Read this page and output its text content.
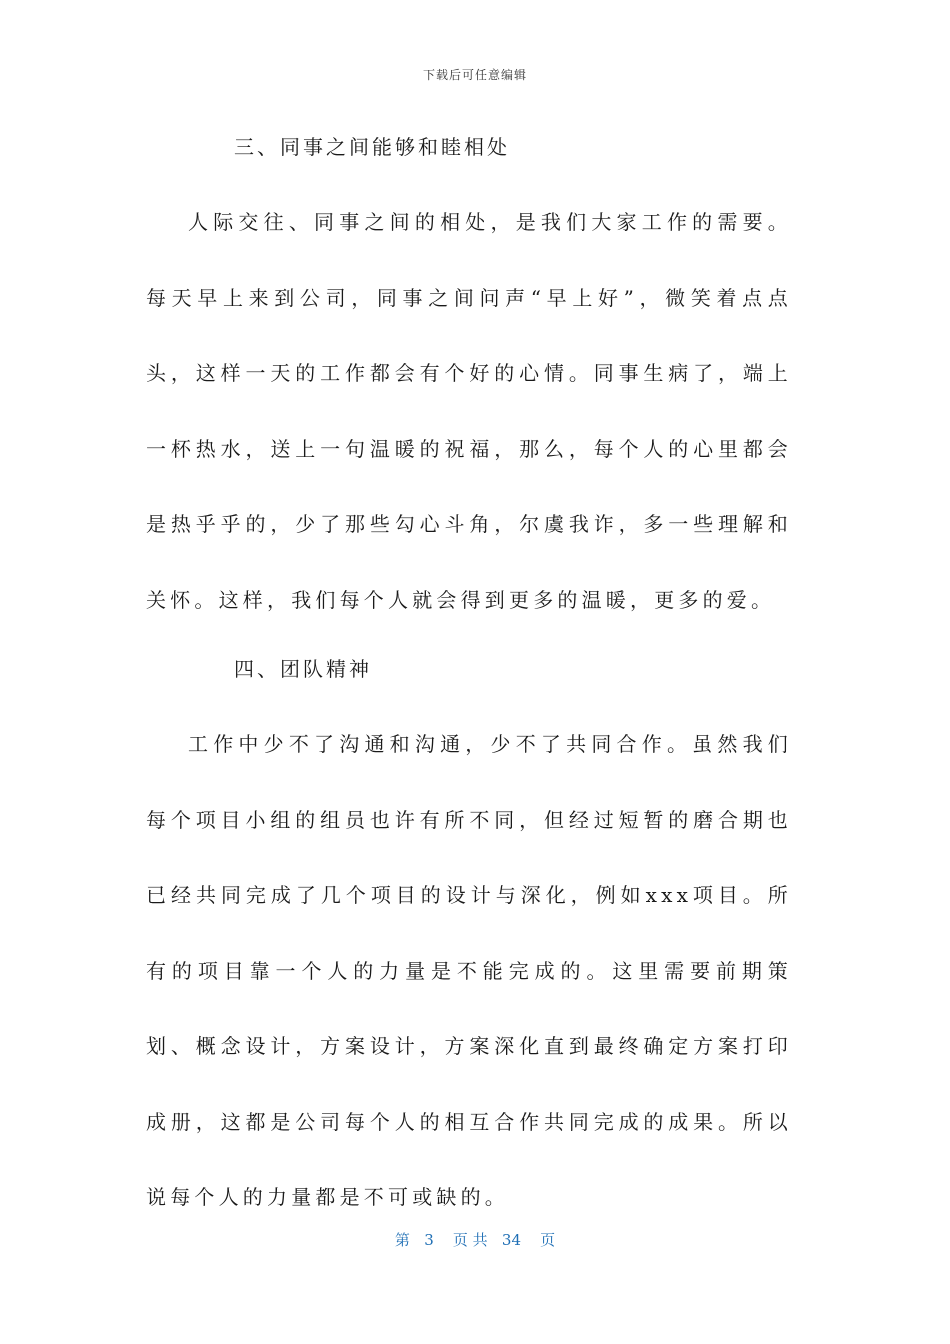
下载后可任意编辑

三、同事之间能够和睦相处

人际交往、同事之间的相处，是我们大家工作的需要。每天早上来到公司，同事之间问声“早上好”，微笑着点点头，这样一天的工作都会有个好的心情。同事生病了，端上一杯热水，送上一句温暖的祝福，那么，每个人的心里都会是热乎乎的，少了那些勾心斗角，尔虞我诈，多一些理解和关怀。这样，我们每个人就会得到更多的温暖，更多的爱。

四、团队精神

工作中少不了沟通和沟通，少不了共同合作。虽然我们每个项目小组的组员也许有所不同，但经过短暂的磨合期也已经共同完成了几个项目的设计与深化，例如xxx项目。所有的项目靠一个人的力量是不能完成的。这里需要前期策划、概念设计，方案设计，方案深化直到最终确定方案打印成册，这都是公司每个人的相互合作共同完成的成果。所以说每个人的力量都是不可或缺的。

第 3 页 共 34 页
